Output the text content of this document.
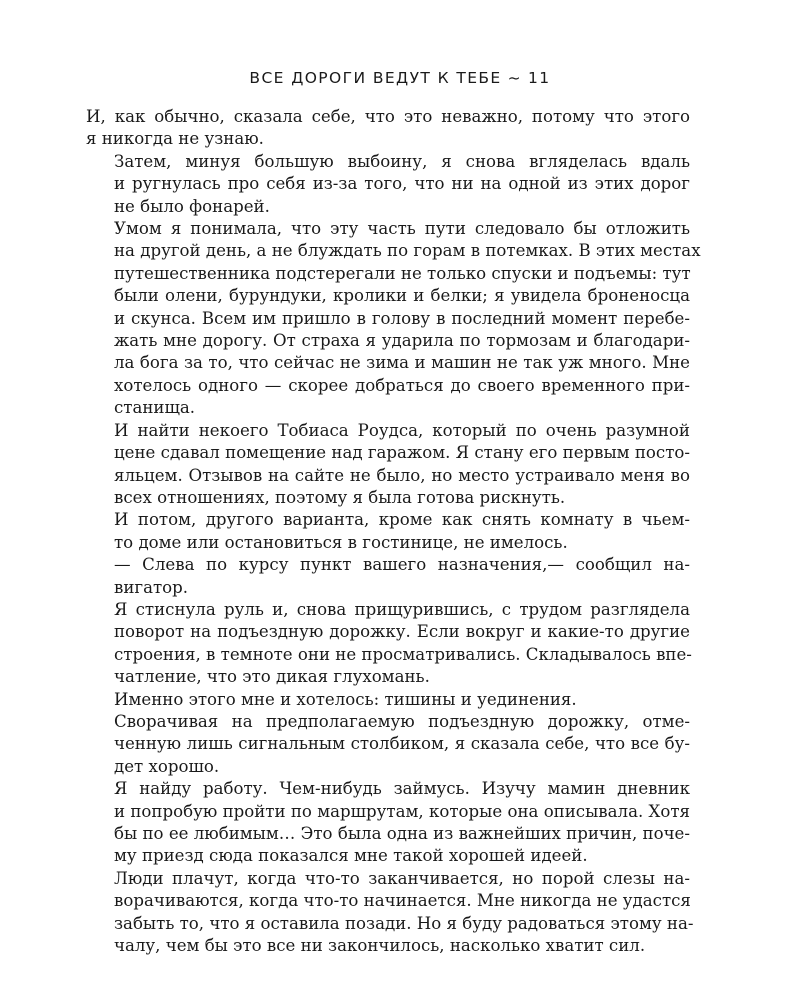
ВСЕ ДОРОГИ ВЕДУТ К ТЕБЕ ~ 11

И, как обычно, сказала себе, что это неважно, потому что этого
я никогда не узнаю.

Затем, минуя большую выбоину, я снова вгляделась вдаль
и ругнулась про себя из-за того, что ни на одной из этих дорог
не было фонарей.

Умом я понимала, что эту часть пути следовало бы отложить
на другой день, а не блуждать по горам в потемках. В этих местах
путешественника подстерегали не только спуски и подъемы: тут
были олени, бурундуки, кролики и белки; я увидела броненосца
и скунса. Всем им пришло в голову в последний момент перебе-
жать мне дорогу. От страха я ударила по тормозам и благодари-
ла бога за то, что сейчас не зима и машин не так уж много. Мне
хотелось одного — скорее добраться до своего временного при-
станища.

И найти некоего Тобиаса Роудса, который по очень разумной
цене сдавал помещение над гаражом. Я стану его первым посто-
яльцем. Отзывов на сайте не было, но место устраивало меня во
всех отношениях, поэтому я была готова рискнуть.

И потом, другого варианта, кроме как снять комнату в чьем-
то доме или остановиться в гостинице, не имелось.

— Слева по курсу пункт вашего назначения,— сообщил на-
вигатор.

Я стиснула руль и, снова прищурившись, с трудом разглядела
поворот на подъездную дорожку. Если вокруг и какие-то другие
строения, в темноте они не просматривались. Складывалось впе-
чатление, что это дикая глухомань.

Именно этого мне и хотелось: тишины и уединения.

Сворачивая на предполагаемую подъездную дорожку, отме-
ченную лишь сигнальным столбиком, я сказала себе, что все бу-
дет хорошо.

Я найду работу. Чем-нибудь займусь. Изучу мамин дневник
и попробую пройти по маршрутам, которые она описывала. Хотя
бы по ее любимым… Это была одна из важнейших причин, поче-
му приезд сюда показался мне такой хорошей идеей.

Люди плачут, когда что-то заканчивается, но порой слезы на-
ворачиваются, когда что-то начинается. Мне никогда не удастся
забыть то, что я оставила позади. Но я буду радоваться этому на-
чалу, чем бы это все ни закончилось, насколько хватит сил.
